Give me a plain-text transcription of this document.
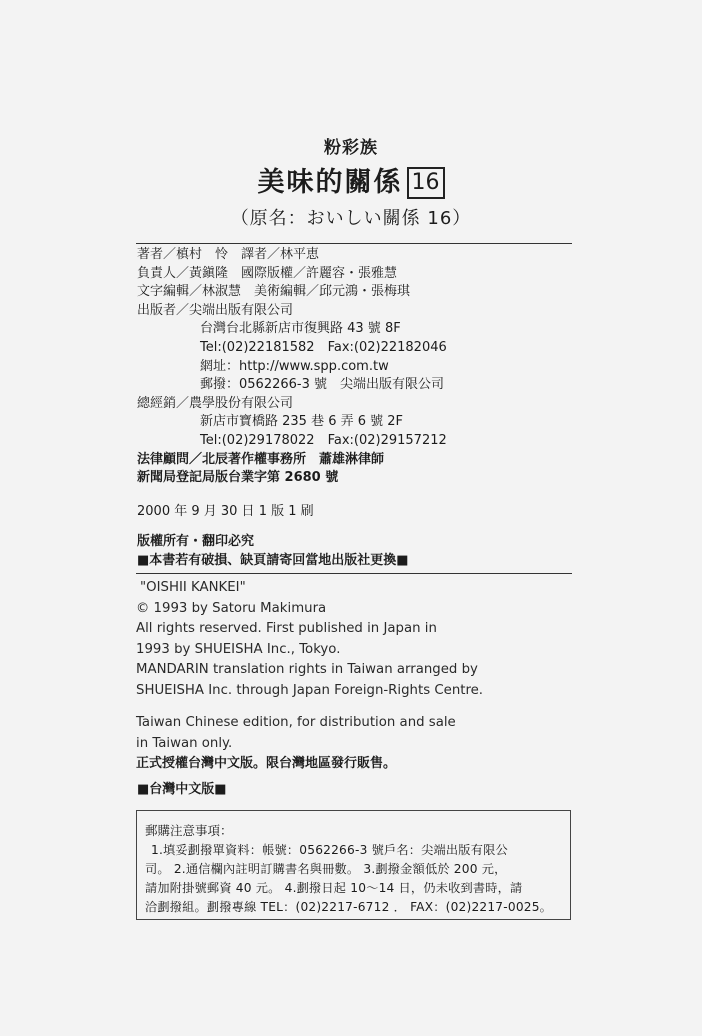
粉彩族
美味的關係 16
（原名：おいしい關係 16）
著者／槙村　怜　譯者／林平恵
負責人／黃鎭隆　國際版權／許麗容・張雅慧
文字編輯／林淑慧　美術編輯／邱元鴻・張梅琪
出版者／尖端出版有限公司
台灣台北縣新店市復興路 43 號 8F
Tel:(02)22181582　Fax:(02)22182046
網址：http://www.spp.com.tw
郵撥：0562266-3 號　尖端出版有限公司
總經銷／農學股份有限公司
新店市寶橋路 235 巷 6 弄 6 號 2F
Tel:(02)29178022　Fax:(02)29157212
法律顧問／北辰著作權事務所　蕭雄淋律師
新聞局登記局版台業字第 2680 號
2000 年 9 月 30 日 1 版 1 刷
版權所有・翻印必究
■本書若有破損、缺頁請寄回當地出版社更換■
"OISHII KANKEI"
© 1993 by Satoru Makimura
All rights reserved. First published in Japan in
1993 by SHUEISHA Inc., Tokyo.
MANDARIN translation rights in Taiwan arranged by
SHUEISHA Inc. through Japan Foreign-Rights Centre.
Taiwan Chinese edition, for distribution and sale
in Taiwan only.
正式授權台灣中文版。限台灣地區發行販售。
■台灣中文版■
郵購注意事項：
1.填妥劃撥單資料：帳號：0562266-3 號戶名：尖端出版有限公
司。 2.通信欄內註明訂購書名與冊數。 3.劃撥金額低於 200 元，
請加附掛號郵資 40 元。 4.劃撥日起 10～14 日，仍未收到書時，請
洽劃撥組。劃撥專線 TEL：(02)2217-6712 ． FAX：(02)2217-0025。
